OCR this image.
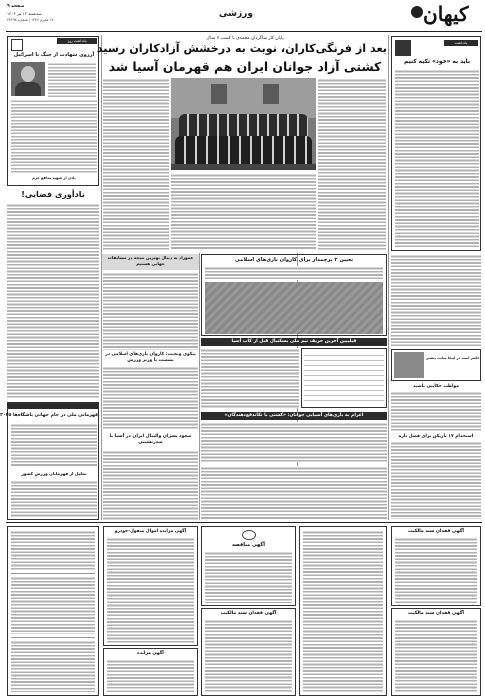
صفحه ۹
سه‌شنبه ۱۲ تیر ۱۴۰۴
۱۸ محرم ۱۴۴۷ | شماره ۲۴۲۹۸
ورزشی	کیهان
یادداشت روز
آرزوی شهادت از جنگ با اسرائیل
یادی از شهید مدافع حرم
نادأوری فضایی!
قهرمانی ملی در جام جهانی باشگاه‌ها ۲۰۲۵
تجلیل از قهرمانان ورزش کشور
یادداشت
باید به «خود» تکیه کنیم
حاضر است در اینجا سایت بیشتر
مواظب حکایتی باشید
استخدام ۱۷ بازیکن برای فصل تازه
پایان کار شاگردان محمدی با کسب ۷ مدال
بعد از فرنگی‌کاران، نوبت به درخشش آزادکاران رسید
کشتی آزاد جوانان ایران هم قهرمان آسیا شد
عموزاد به دنبال بهترین نتیجه در مسابقات جهانی هستیم
تعیین ۲ پرچمدار برای کاروان بازی‌های اسلامی
فیلیپین آخرین حریف تیم ملی بسکتبال قبل از کاپ آسیا
پیکوی ونجیب: کاروان بازی‌های اسلامی در نشست با وزیر ورزش
اعزام به بازی‌های آسیایی جوانان: «کشتی با تکاندفع‌دهندگان»
صعود پسران والیبال ایران در آسیا با صدرنشینی
آگهی فقدان سند مالکیت
آگهی فقدان سند مالکیت
آگهی مناقصه
آگهی فقدان سند مالکیت
آگهی مزایده اموال منقول-خودرو
آگهی مزایده
